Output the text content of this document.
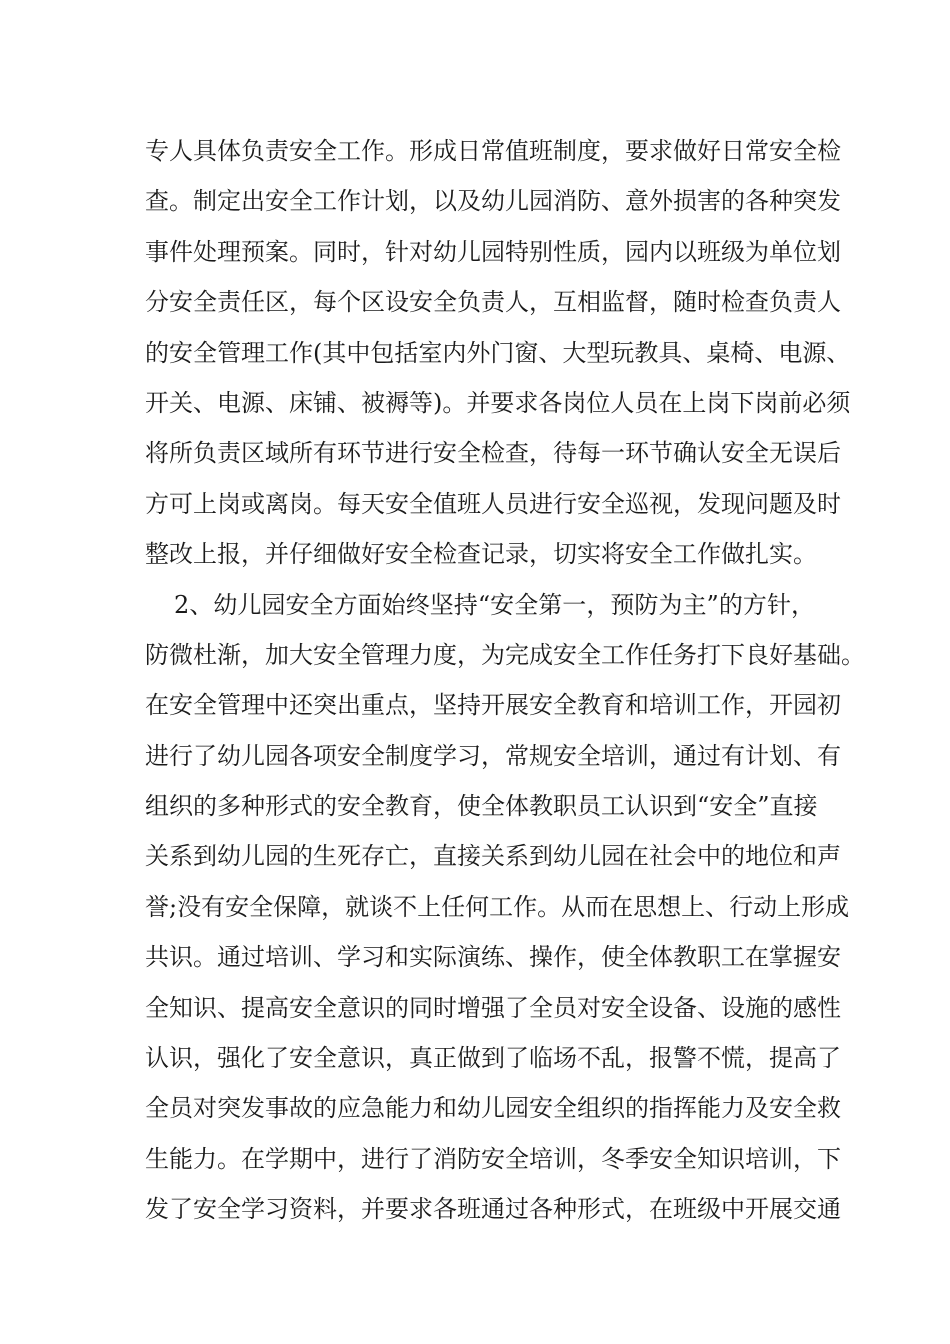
专人具体负责安全工作。形成日常值班制度，要求做好日常安全检
查。制定出安全工作计划，以及幼儿园消防、意外损害的各种突发
事件处理预案。同时，针对幼儿园特别性质，园内以班级为单位划
分安全责任区，每个区设安全负责人，互相监督，随时检查负责人
的安全管理工作(其中包括室内外门窗、大型玩教具、桌椅、电源、
开关、电源、床铺、被褥等)。并要求各岗位人员在上岗下岗前必须
将所负责区域所有环节进行安全检查，待每一环节确认安全无误后
方可上岗或离岗。每天安全值班人员进行安全巡视，发现问题及时
整改上报，并仔细做好安全检查记录，切实将安全工作做扎实。
2、幼儿园安全方面始终坚持“安全第一，预防为主”的方针，
防微杜渐，加大安全管理力度，为完成安全工作任务打下良好基础。
在安全管理中还突出重点，坚持开展安全教育和培训工作，开园初
进行了幼儿园各项安全制度学习，常规安全培训，通过有计划、有
组织的多种形式的安全教育，使全体教职员工认识到“安全”直接
关系到幼儿园的生死存亡，直接关系到幼儿园在社会中的地位和声
誉;没有安全保障，就谈不上任何工作。从而在思想上、行动上形成
共识。通过培训、学习和实际演练、操作，使全体教职工在掌握安
全知识、提高安全意识的同时增强了全员对安全设备、设施的感性
认识，强化了安全意识，真正做到了临场不乱，报警不慌，提高了
全员对突发事故的应急能力和幼儿园安全组织的指挥能力及安全救
生能力。在学期中，进行了消防安全培训，冬季安全知识培训，下
发了安全学习资料，并要求各班通过各种形式，在班级中开展交通
